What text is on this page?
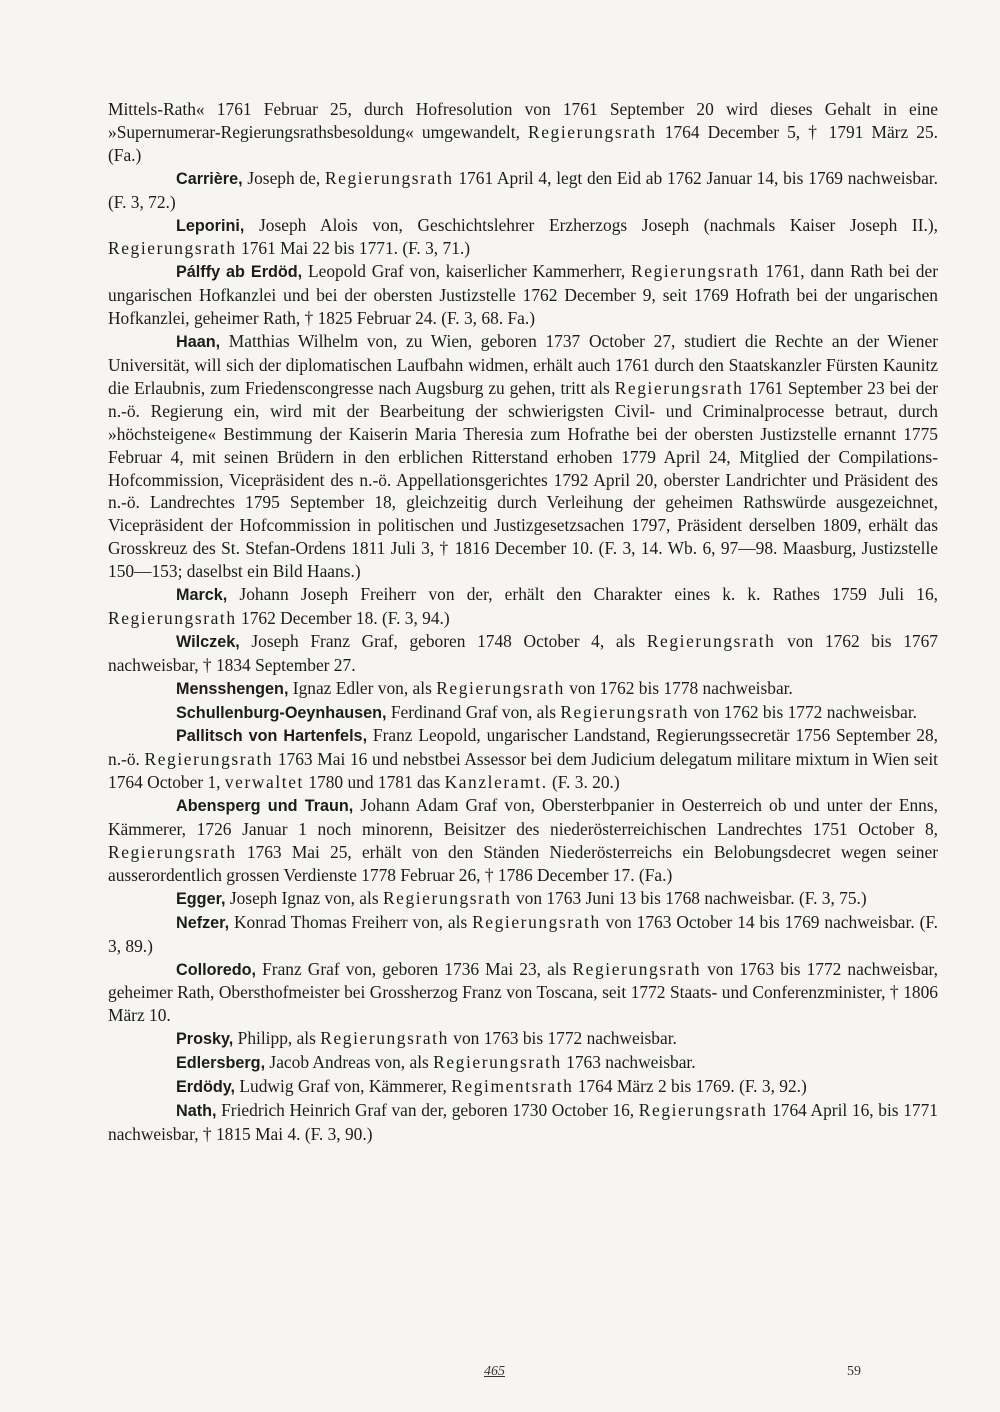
Mittels-Rath« 1761 Februar 25, durch Hofresolution von 1761 September 20 wird dieses Gehalt in eine »Supernumerar-Regierungsrathsbesoldung« umgewandelt, Regierungsrath 1764 December 5, † 1791 März 25. (Fa.)

Carrière, Joseph de, Regierungsrath 1761 April 4, legt den Eid ab 1762 Januar 14, bis 1769 nachweisbar. (F. 3, 72.)

Leporini, Joseph Alois von, Geschichtslehrer Erzherzogs Joseph (nachmals Kaiser Joseph II.), Regierungsrath 1761 Mai 22 bis 1771. (F. 3, 71.)

Pálffy ab Erdöd, Leopold Graf von, kaiserlicher Kammerherr, Regierungsrath 1761, dann Rath bei der ungarischen Hofkanzlei und bei der obersten Justizstelle 1762 December 9, seit 1769 Hofrath bei der ungarischen Hofkanzlei, geheimer Rath, † 1825 Februar 24. (F. 3, 68. Fa.)

Haan, Matthias Wilhelm von, zu Wien, geboren 1737 October 27, studiert die Rechte an der Wiener Universität, will sich der diplomatischen Laufbahn widmen, erhält auch 1761 durch den Staatskanzler Fürsten Kaunitz die Erlaubnis, zum Friedenscongresse nach Augsburg zu gehen, tritt als Regierungsrath 1761 September 23 bei der n.-ö. Regierung ein, wird mit der Bearbeitung der schwierigsten Civil- und Criminalprocesse betraut, durch »höchsteigene« Bestimmung der Kaiserin Maria Theresia zum Hofrathe bei der obersten Justizstelle ernannt 1775 Februar 4, mit seinen Brüdern in den erblichen Ritterstand erhoben 1779 April 24, Mitglied der Compilations-Hofcommission, Vicepräsident des n.-ö. Appellationsgerichtes 1792 April 20, oberster Landrichter und Präsident des n.-ö. Landrechtes 1795 September 18, gleichzeitig durch Verleihung der geheimen Rathswürde ausgezeichnet, Vicepräsident der Hofcommission in politischen und Justizgesetzsachen 1797, Präsident derselben 1809, erhält das Grosskreuz des St. Stefan-Ordens 1811 Juli 3, † 1816 December 10. (F. 3, 14. Wb. 6, 97—98. Maasburg, Justizstelle 150—153; daselbst ein Bild Haans.)

Marck, Johann Joseph Freiherr von der, erhält den Charakter eines k. k. Rathes 1759 Juli 16, Regierungsrath 1762 December 18. (F. 3, 94.)

Wilczek, Joseph Franz Graf, geboren 1748 October 4, als Regierungsrath von 1762 bis 1767 nachweisbar, † 1834 September 27.

Mensshengen, Ignaz Edler von, als Regierungsrath von 1762 bis 1778 nachweisbar.

Schullenburg-Oeynhausen, Ferdinand Graf von, als Regierungsrath von 1762 bis 1772 nachweisbar.

Pallitsch von Hartenfels, Franz Leopold, ungarischer Landstand, Regierungssecretär 1756 September 28, n.-ö. Regierungsrath 1763 Mai 16 und nebstbei Assessor bei dem Judicium delegatum militare mixtum in Wien seit 1764 October 1, verwaltet 1780 und 1781 das Kanzleramt. (F. 3. 20.)

Abensperg und Traun, Johann Adam Graf von, Obersterbpanier in Oesterreich ob und unter der Enns, Kämmerer, 1726 Januar 1 noch minorenn, Beisitzer des niederösterreichischen Landrechtes 1751 October 8, Regierungsrath 1763 Mai 25, erhält von den Ständen Niederösterreichs ein Belobungsdecret wegen seiner ausserordentlich grossen Verdienste 1778 Februar 26, † 1786 December 17. (Fa.)

Egger, Joseph Ignaz von, als Regierungsrath von 1763 Juni 13 bis 1768 nachweisbar. (F. 3, 75.)

Nefzer, Konrad Thomas Freiherr von, als Regierungsrath von 1763 October 14 bis 1769 nachweisbar. (F. 3, 89.)

Colloredo, Franz Graf von, geboren 1736 Mai 23, als Regierungsrath von 1763 bis 1772 nachweisbar, geheimer Rath, Obersthofmeister bei Grossherzog Franz von Toscana, seit 1772 Staats- und Conferenzminister, † 1806 März 10.

Prosky, Philipp, als Regierungsrath von 1763 bis 1772 nachweisbar.

Edlersberg, Jacob Andreas von, als Regierungsrath 1763 nachweisbar.

Erdödy, Ludwig Graf von, Kämmerer, Regimentsrath 1764 März 2 bis 1769. (F. 3, 92.)

Nath, Friedrich Heinrich Graf van der, geboren 1730 October 16, Regierungsrath 1764 April 16, bis 1771 nachweisbar, † 1815 Mai 4. (F. 3, 90.)

465	59
